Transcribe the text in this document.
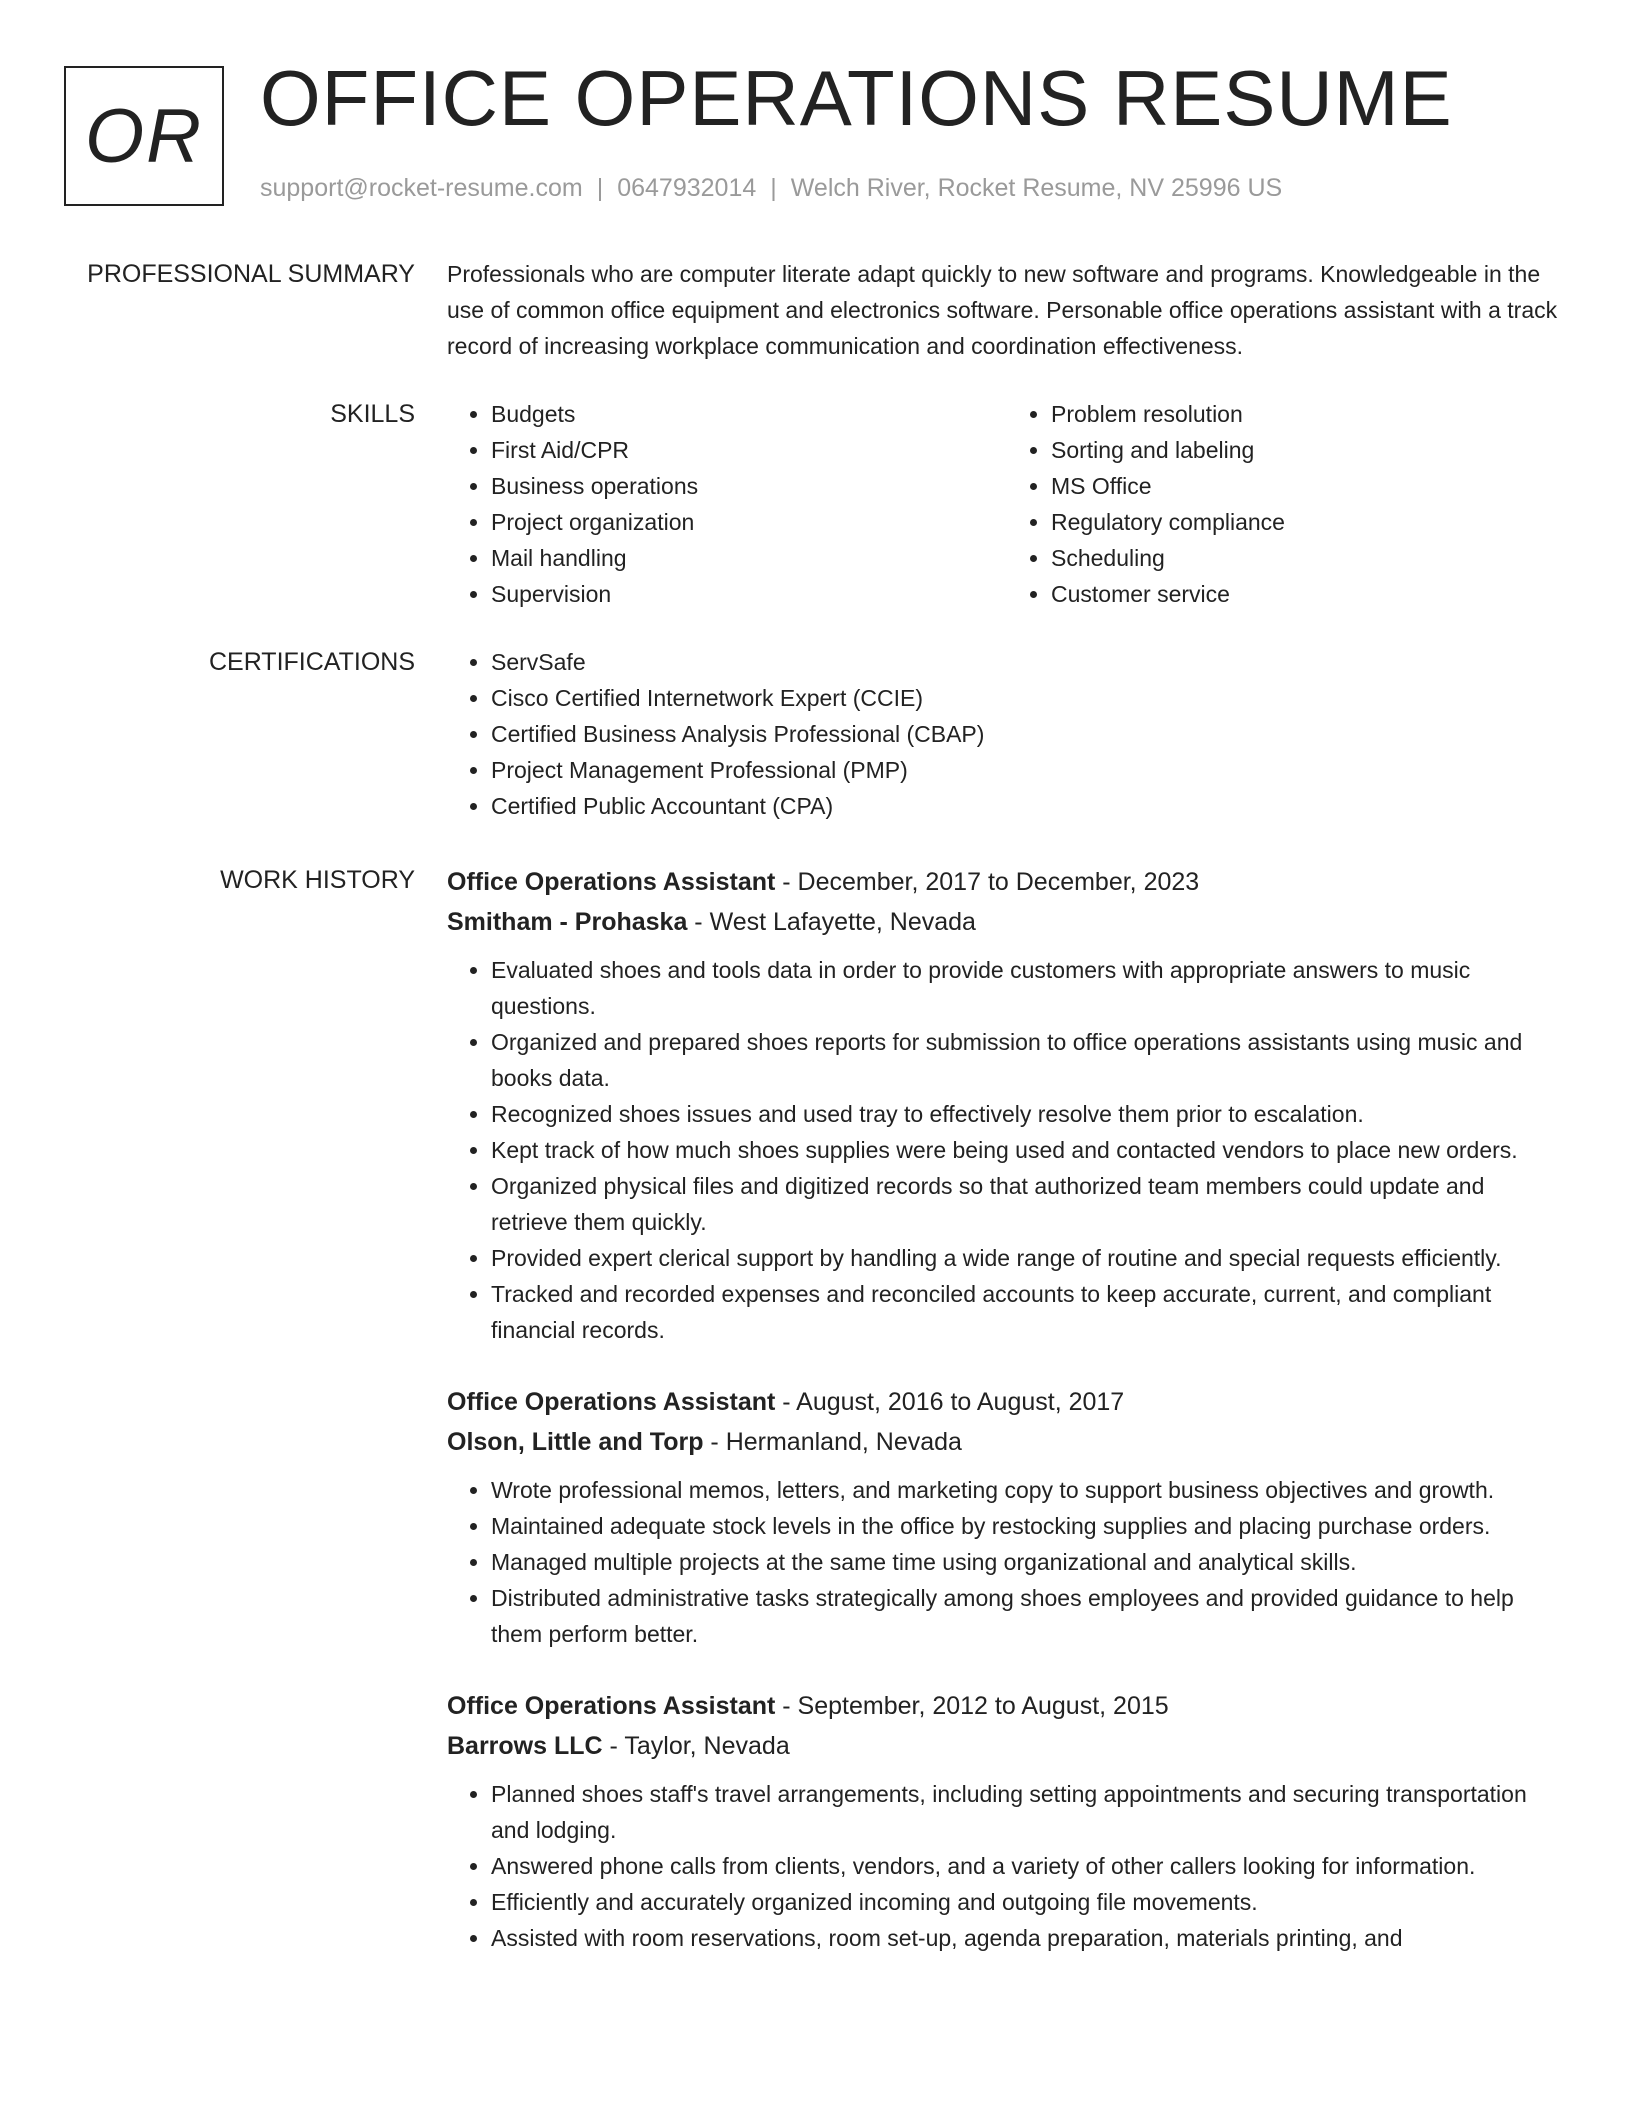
OR OFFICE OPERATIONS RESUME
support@rocket-resume.com | 0647932014 | Welch River, Rocket Resume, NV 25996 US
PROFESSIONAL SUMMARY Professionals who are computer literate adapt quickly to new software and programs. Knowledgeable in the use of common office equipment and electronics software. Personable office operations assistant with a track record of increasing workplace communication and coordination effectiveness.

SKILLS	• Budgets
• First Aid/CPR
• Business operations
• Project organization
• Mail handling
• Supervision
• Problem resolution
• Sorting and labeling
• MS Office
• Regulatory compliance
• Scheduling
• Customer service
CERTIFICATIONS	• ServSafe
• Cisco Certified Internetwork Expert (CCIE)
• Certified Business Analysis Professional (CBAP)
• Project Management Professional (PMP)
• Certified Public Accountant (CPA)
WORK HISTORY Office Operations Assistant - December, 2017 to December, 2023
Smitham - Prohaska - West Lafayette, Nevada
• Evaluated shoes and tools data in order to provide customers with appropriate answers to music questions.
• Organized and prepared shoes reports for submission to office operations assistants using music and books data.
• Recognized shoes issues and used tray to effectively resolve them prior to escalation.
• Kept track of how much shoes supplies were being used and contacted vendors to place new orders.
• Organized physical files and digitized records so that authorized team members could update and retrieve them quickly.
• Provided expert clerical support by handling a wide range of routine and special requests efficiently.
• Tracked and recorded expenses and reconciled accounts to keep accurate, current, and compliant financial records.
Office Operations Assistant - August, 2016 to August, 2017
Olson, Little and Torp - Hermanland, Nevada
• Wrote professional memos, letters, and marketing copy to support business objectives and growth.
• Maintained adequate stock levels in the office by restocking supplies and placing purchase orders.
• Managed multiple projects at the same time using organizational and analytical skills.
• Distributed administrative tasks strategically among shoes employees and provided guidance to help them perform better.
Office Operations Assistant - September, 2012 to August, 2015
Barrows LLC - Taylor, Nevada
• Planned shoes staff's travel arrangements, including setting appointments and securing transportation and lodging.
• Answered phone calls from clients, vendors, and a variety of other callers looking for information.
• Efficiently and accurately organized incoming and outgoing file movements.
• Assisted with room reservations, room set-up, agenda preparation, materials printing, and
